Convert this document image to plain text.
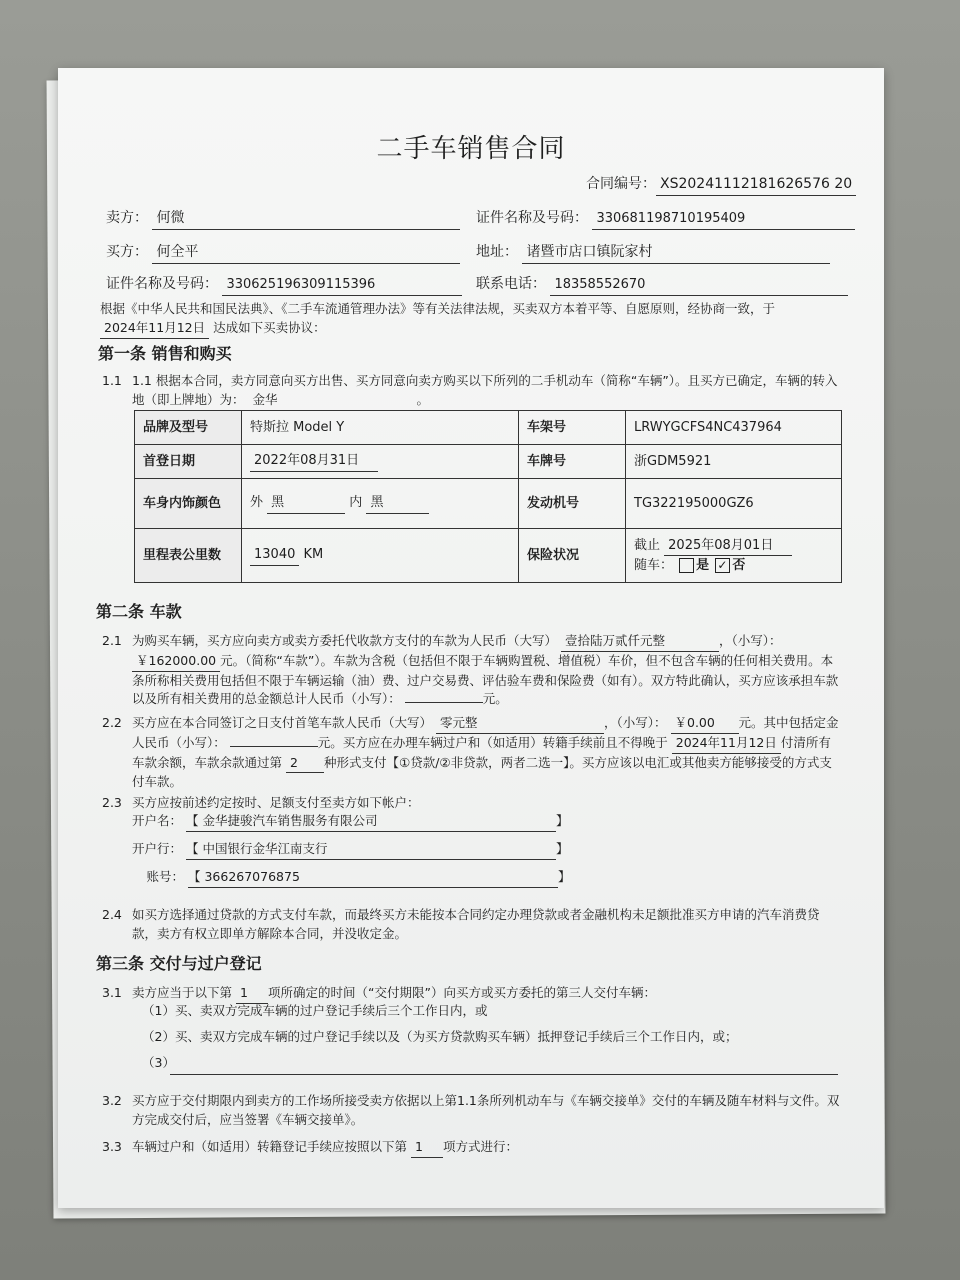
二手车销售合同
合同编号： XS20241112181626576 20
卖方： 何微	证件名称及号码： 330681198710195409
买方： 何全平	地址： 诸暨市店口镇阮家村
证件名称及号码： 330625196309115396	联系电话： 18358552670
根据《中华人民共和国民法典》、《二手车流通管理办法》等有关法律法规，买卖双方本着平等、自愿原则，经协商一致，于 2024年11月12日 达成如下买卖协议：
第一条 销售和购买
1.1 1.1 根据本合同，卖方同意向买方出售、买方同意向卖方购买以下所列的二手机动车（简称“车辆”）。且买方已确定，车辆的转入地（即上牌地）为： 金华	。
品牌及型号	特斯拉 Model Y	车架号	LRWYGCFS4NC437964
首登日期	2022年08月31日	车牌号	浙GDM5921
车身内饰颜色	外 黑 内 黑	发动机号	TG322195000GZ6
里程表公里数	13040 KM	保险状况	截止 2025年08月01日
随车： 是 ✓ 否
第二条 车款
2.1 为购买车辆，买方应向卖方或卖方委托代收款方支付的车款为人民币（大写） 壹拾陆万贰仟元整	，（小写）： ￥162000.00 元。（简称“车款”）。车款为含税（包括但不限于车辆购置税、增值税）车价，但不包含车辆的任何相关费用。本条所称相关费用包括但不限于车辆运输（油）费、过户交易费、评估验车费和保险费（如有）。双方特此确认，买方应该承担车款以及所有相关费用的总金额总计人民币（小写）：	元。
2.2 买方应在本合同签订之日支付首笔车款人民币（大写） 零元整	，（小写）： ￥0.00 元。其中包括定金人民币（小写）：	元。买方应在办理车辆过户和（如适用）转籍手续前且不得晚于 2024年11月12日 付清所有车款余额，车款余款通过第 2 种形式支付【①贷款/②非贷款，两者二选一】。买方应该以电汇或其他卖方能够接受的方式支付车款。
2.3 买方应按前述约定按时、足额支付至卖方如下帐户：
开户名： 【 金华捷骏汽车销售服务有限公司	】
开户行： 【 中国银行金华江南支行	】
账号： 【 366267076875	】
2.4 如买方选择通过贷款的方式支付车款，而最终买方未能按本合同约定办理贷款或者金融机构未足额批准买方申请的汽车消费贷款，卖方有权立即单方解除本合同，并没收定金。
第三条 交付与过户登记
3.1 卖方应当于以下第 1 项所确定的时间（“交付期限”）向买方或买方委托的第三人交付车辆：
（1）买、卖双方完成车辆的过户登记手续后三个工作日内，或
（2）买、卖双方完成车辆的过户登记手续以及（为买方贷款购买车辆）抵押登记手续后三个工作日内，或；
（3）
3.2 买方应于交付期限内到卖方的工作场所接受卖方依据以上第1.1条所列机动车与《车辆交接单》交付的车辆及随车材料与文件。双方完成交付后，应当签署《车辆交接单》。
3.3 车辆过户和（如适用）转籍登记手续应按照以下第 1 项方式进行：
